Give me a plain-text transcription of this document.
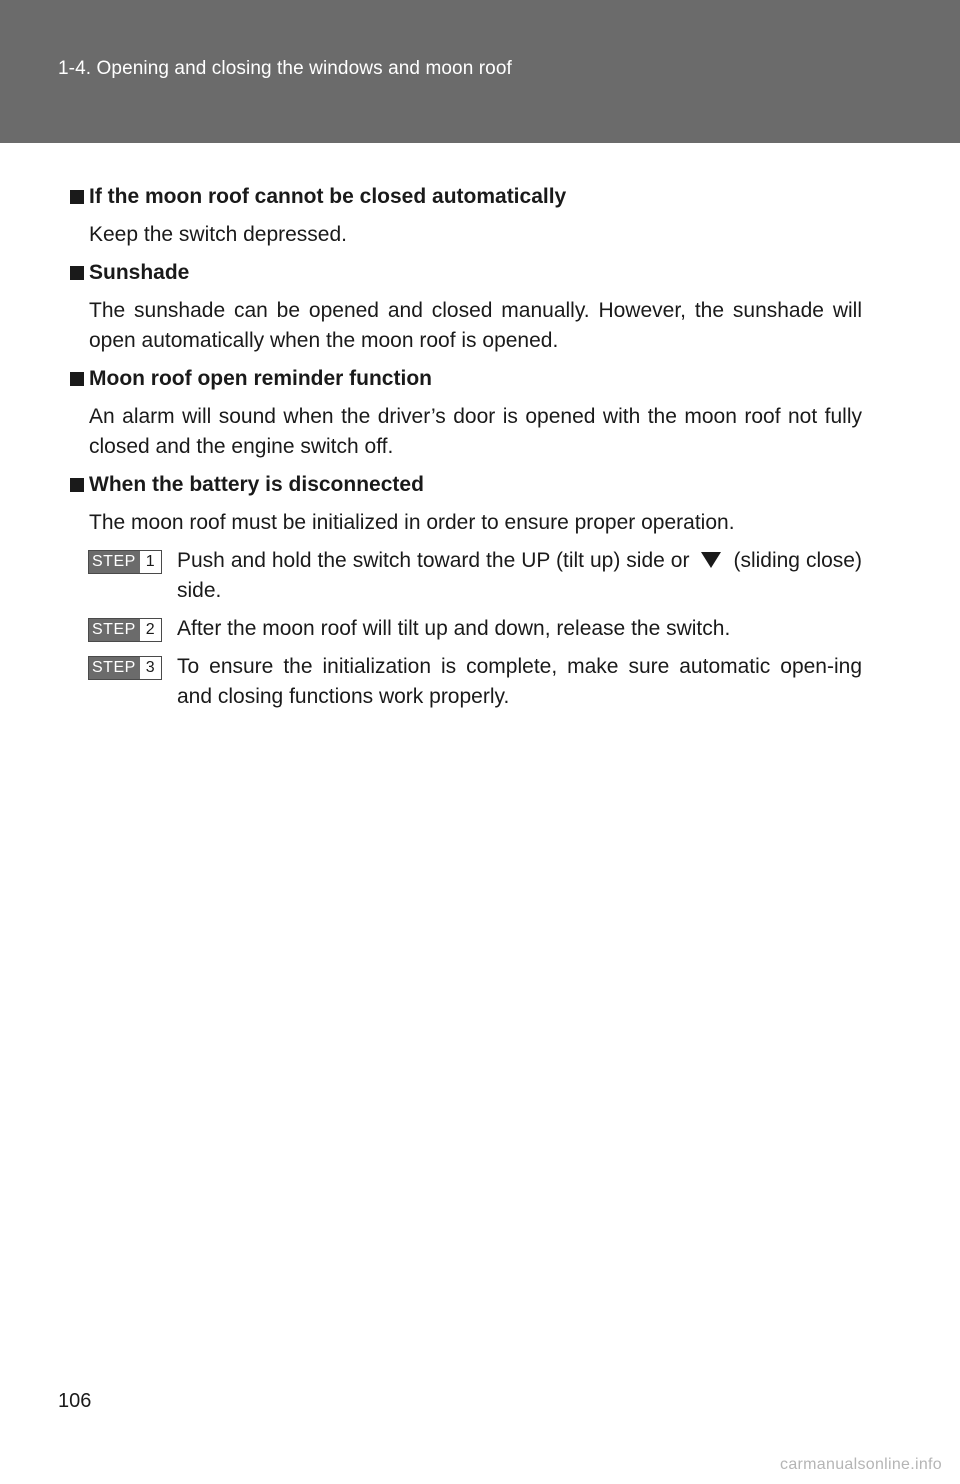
1-4. Opening and closing the windows and moon roof
If the moon roof cannot be closed automatically
Keep the switch depressed.
Sunshade
The sunshade can be opened and closed manually. However, the sunshade will open automatically when the moon roof is opened.
Moon roof open reminder function
An alarm will sound when the driver’s door is opened with the moon roof not fully closed and the engine switch off.
When the battery is disconnected
The moon roof must be initialized in order to ensure proper operation.
STEP 1 Push and hold the switch toward the UP (tilt up) side or (sliding close) side.
STEP 2 After the moon roof will tilt up and down, release the switch.
STEP 3 To ensure the initialization is complete, make sure automatic open-ing and closing functions work properly.
106
carmanualsonline.info
